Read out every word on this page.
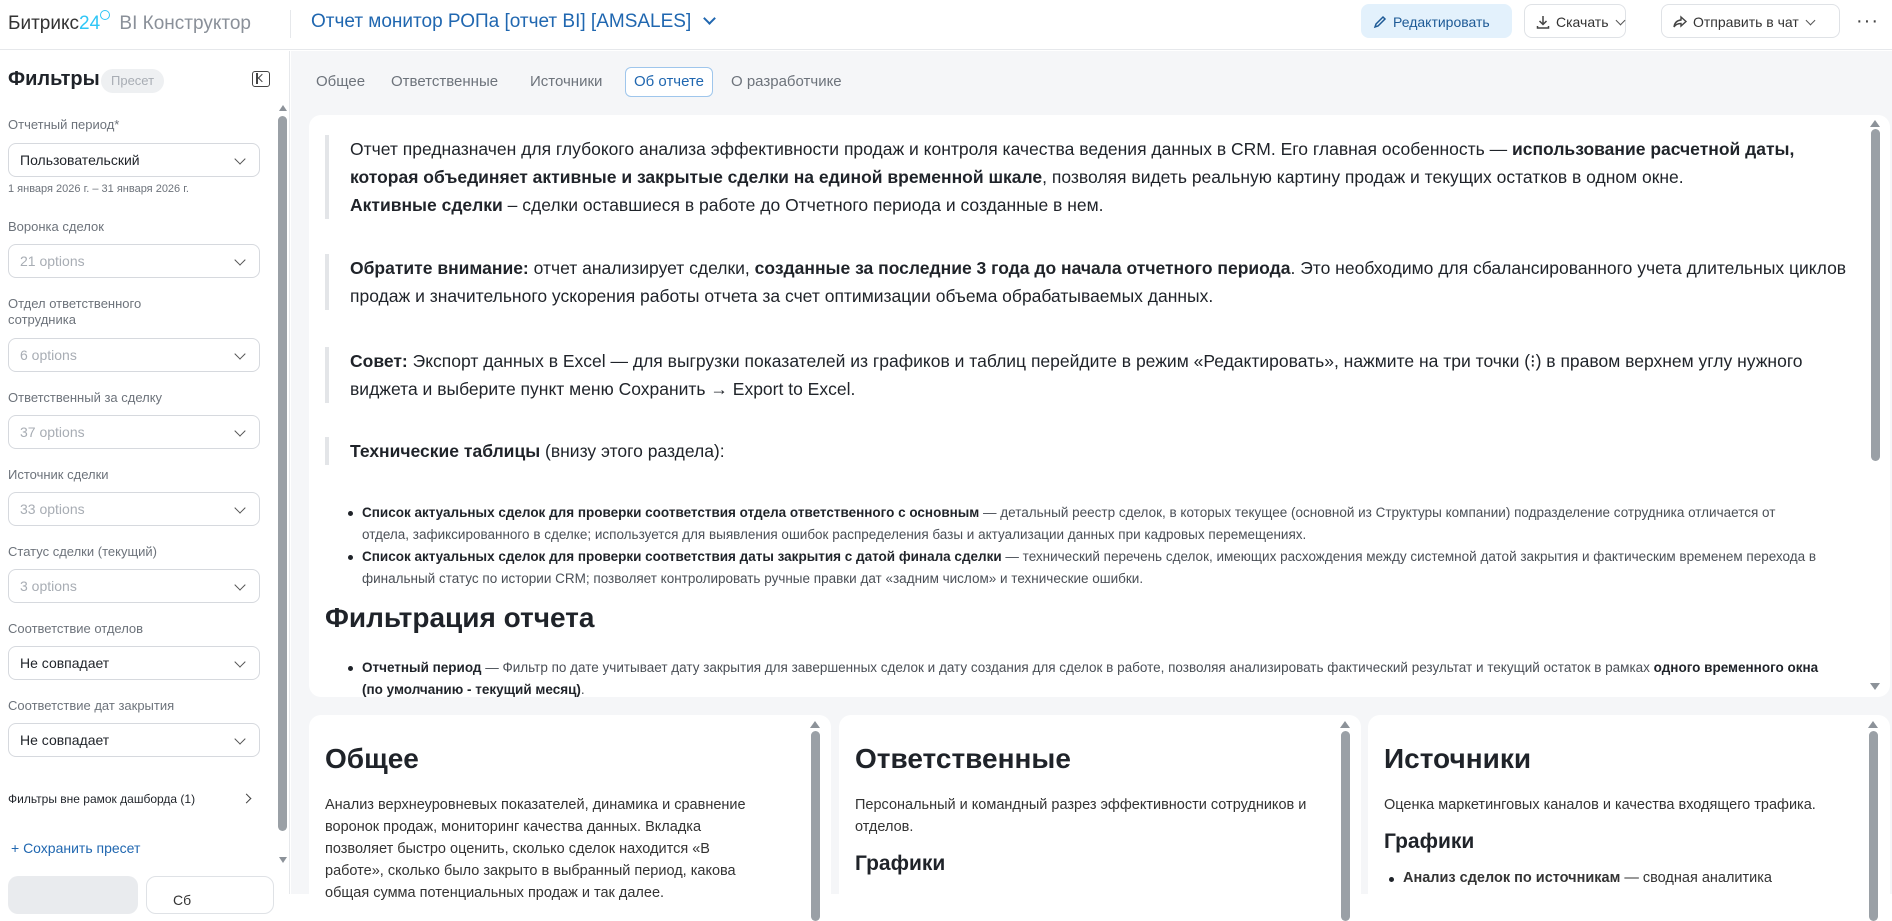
Битрикс24 BI Конструктор	Отчет монитор РОПа [отчет BI] [AMSALES]	Редактировать	Скачать	Отправить в чат	···
Фильтры Пресет
Отчетный период*
Пользовательский
1 января 2026 г. – 31 января 2026 г.
Воронка сделок
21 options
Отдел ответственного сотрудника
6 options
Ответственный за сделку
37 options
Источник сделки
33 options
Статус сделки (текущий)
3 options
Соответствие отделов
Не совпадает
Соответствие дат закрытия
Не совпадает
Фильтры вне рамок дашборда (1)
+ Сохранить пресет
Сб
Общее	Ответственные	Источники	Об отчете	О разработчике
Отчет предназначен для глубокого анализа эффективности продаж и контроля качества ведения данных в CRM. Его главная особенность — использование расчетной даты, которая объединяет активные и закрытые сделки на единой временной шкале, позволяя видеть реальную картину продаж и текущих остатков в одном окне.
Активные сделки – сделки оставшиеся в работе до Отчетного периода и созданные в нем.
Обратите внимание: отчет анализирует сделки, созданные за последние 3 года до начала отчетного периода. Это необходимо для сбалансированного учета длительных циклов продаж и значительного ускорения работы отчета за счет оптимизации объема обрабатываемых данных.
Совет: Экспорт данных в Excel — для выгрузки показателей из графиков и таблиц перейдите в режим «Редактировать», нажмите на три точки (⁝) в правом верхнем углу нужного виджета и выберите пункт меню Сохранить → Export to Excel.
Технические таблицы (внизу этого раздела):
Список актуальных сделок для проверки соответствия отдела ответственного с основным — детальный реестр сделок, в которых текущее (основной из Структуры компании) подразделение сотрудника отличается от отдела, зафиксированного в сделке; используется для выявления ошибок распределения базы и актуализации данных при кадровых перемещениях.
Список актуальных сделок для проверки соответствия даты закрытия с датой финала сделки — технический перечень сделок, имеющих расхождения между системной датой закрытия и фактическим временем перехода в финальный статус по истории CRM; позволяет контролировать ручные правки дат «задним числом» и технические ошибки.
Фильтрация отчета
Отчетный период — Фильтр по дате учитывает дату закрытия для завершенных сделок и дату создания для сделок в работе, позволяя анализировать фактический результат и текущий остаток в рамках одного временного окна (по умолчанию - текущий месяц).
Общее
Анализ верхнеуровневых показателей, динамика и сравнение воронок продаж, мониторинг качества данных. Вкладка позволяет быстро оценить, сколько сделок находится «В работе», сколько было закрыто в выбранный период, какова общая сумма потенциальных продаж и так далее.
Ответственные
Персональный и командный разрез эффективности сотрудников и отделов.
Графики
Источники
Оценка маркетинговых каналов и качества входящего трафика.
Графики
Анализ сделок по источникам — сводная аналитика
